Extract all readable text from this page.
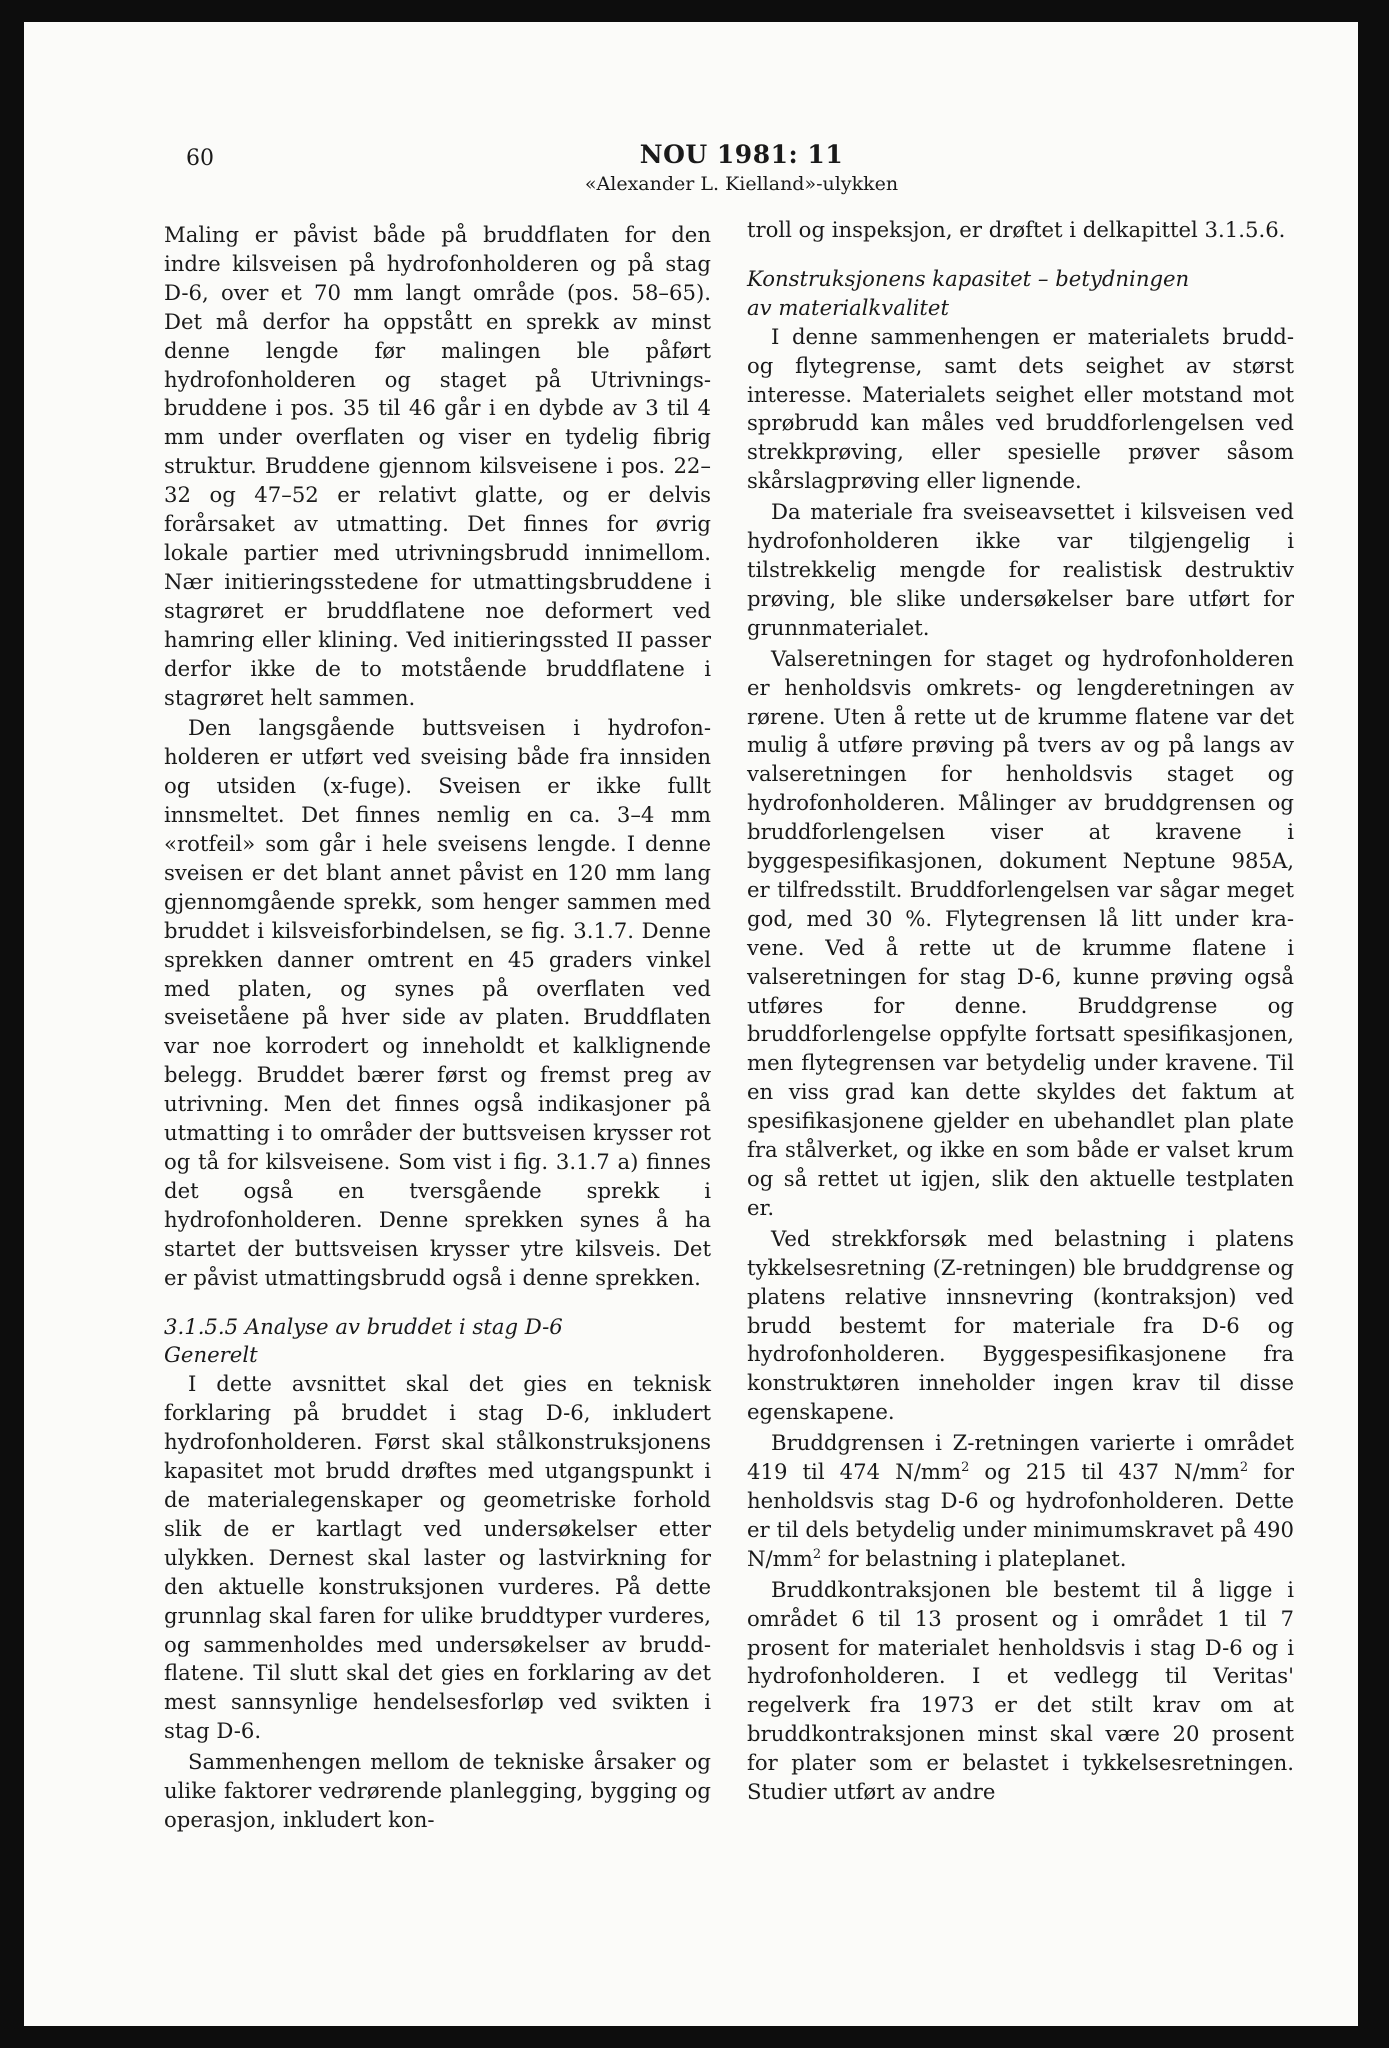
60	NOU 1981: 11
«Alexander L. Kielland»-ulykken

Maling er påvist både på bruddflaten for den indre kilsveisen på hydrofonholderen og på stag D-6, over et 70 mm langt område (pos. 58–65). Det må derfor ha oppstått en sprekk av minst denne lengde før malingen ble påført hydrofonholderen og staget på Utrivningsbruddene i pos. 35 til 46 går i en dybde av 3 til 4 mm under overflaten og viser en tydelig fibrig struktur. Bruddene gjennom kilsveisene i pos. 22–32 og 47–52 er relativt glatte, og er delvis forårsaket av utmatting. Det finnes for øvrig lokale partier med utrivningsbrudd innimellom. Nær initieringsstedene for utmattingsbruddene i stagrøret er bruddflatene noe deformert ved hamring eller klining. Ved initieringssted II passer derfor ikke de to motstående bruddflatene i stagrøret helt sammen.

Den langsgående buttsveisen i hydrofonholderen er utført ved sveising både fra innsiden og utsiden (x-fuge). Sveisen er ikke fullt innsmeltet. Det finnes nemlig en ca. 3–4 mm «rotfeil» som går i hele sveisens lengde. I denne sveisen er det blant annet påvist en 120 mm lang gjennomgående sprekk, som henger sammen med bruddet i kilsveisforbindelsen, se fig. 3.1.7. Denne sprekken danner omtrent en 45 graders vinkel med platen, og synes på overflaten ved sveisetåene på hver side av platen. Bruddflaten var noe korrodert og inneholdt et kalklignende belegg. Bruddet bærer først og fremst preg av utrivning. Men det finnes også indikasjoner på utmatting i to områder der buttsveisen krysser rot og tå for kilsveisene. Som vist i fig. 3.1.7 a) finnes det også en tversgående sprekk i hydrofonholderen. Denne sprekken synes å ha startet der buttsveisen krysser ytre kilsveis. Det er påvist utmattingsbrudd også i denne sprekken.

3.1.5.5 Analyse av bruddet i stag D-6
Generelt

I dette avsnittet skal det gies en teknisk forklaring på bruddet i stag D-6, inkludert hydrofonholderen. Først skal stålkonstruksjonens kapasitet mot brudd drøftes med utgangspunkt i de materialegenskaper og geometriske forhold slik de er kartlagt ved undersøkelser etter ulykken. Dernest skal laster og lastvirkning for den aktuelle konstruksjonen vurderes. På dette grunnlag skal faren for ulike bruddtyper vurderes, og sammenholdes med undersøkelser av bruddflatene. Til slutt skal det gies en forklaring av det mest sannsynlige hendelsesforløp ved svikten i stag D-6.

Sammenhengen mellom de tekniske årsaker og ulike faktorer vedrørende planlegging, bygging og operasjon, inkludert kon-

troll og inspeksjon, er drøftet i delkapittel 3.1.5.6.

Konstruksjonens kapasitet – betydningen
av materialkvalitet

I denne sammenhengen er materialets brudd- og flytegrense, samt dets seighet av størst interesse. Materialets seighet eller motstand mot sprøbrudd kan måles ved bruddforlengelsen ved strekkprøving, eller spesielle prøver såsom skårslagprøving eller lignende.

Da materiale fra sveiseavsettet i kilsveisen ved hydrofonholderen ikke var tilgjengelig i tilstrekkelig mengde for realistisk destruktiv prøving, ble slike undersøkelser bare utført for grunnmaterialet.

Valseretningen for staget og hydrofonholderen er henholdsvis omkrets- og lengderetningen av rørene. Uten å rette ut de krumme flatene var det mulig å utføre prøving på tvers av og på langs av valseretningen for henholdsvis staget og hydrofonholderen. Målinger av bruddgrensen og bruddforlengelsen viser at kravene i byggespesifikasjonen, dokument Neptune 985A, er tilfredsstilt. Bruddforlengelsen var sågar meget god, med 30 %. Flytegrensen lå litt under kravene. Ved å rette ut de krumme flatene i valseretningen for stag D-6, kunne prøving også utføres for denne. Bruddgrense og bruddforlengelse oppfylte fortsatt spesifikasjonen, men flytegrensen var betydelig under kravene. Til en viss grad kan dette skyldes det faktum at spesifikasjonene gjelder en ubehandlet plan plate fra stålverket, og ikke en som både er valset krum og så rettet ut igjen, slik den aktuelle testplaten er.

Ved strekkforsøk med belastning i platens tykkelsesretning (Z-retningen) ble bruddgrense og platens relative innsnevring (kontraksjon) ved brudd bestemt for materiale fra D-6 og hydrofonholderen. Byggespesifikasjonene fra konstruktøren inneholder ingen krav til disse egenskapene.

Bruddgrensen i Z-retningen varierte i området 419 til 474 $N/mm^2$ og 215 til 437 $N/mm^2$ for henholdsvis stag D-6 og hydrofonholderen. Dette er til dels betydelig under minimumskravet på 490 $N/mm^2$ for belastning i plateplanet.

Bruddkontraksjonen ble bestemt til å ligge i området 6 til 13 prosent og i området 1 til 7 prosent for materialet henholdsvis i stag D-6 og i hydrofonholderen. I et vedlegg til Veritas' regelverk fra 1973 er det stilt krav om at bruddkontraksjonen minst skal være 20 prosent for plater som er belastet i tykkelsesretningen. Studier utført av andre
